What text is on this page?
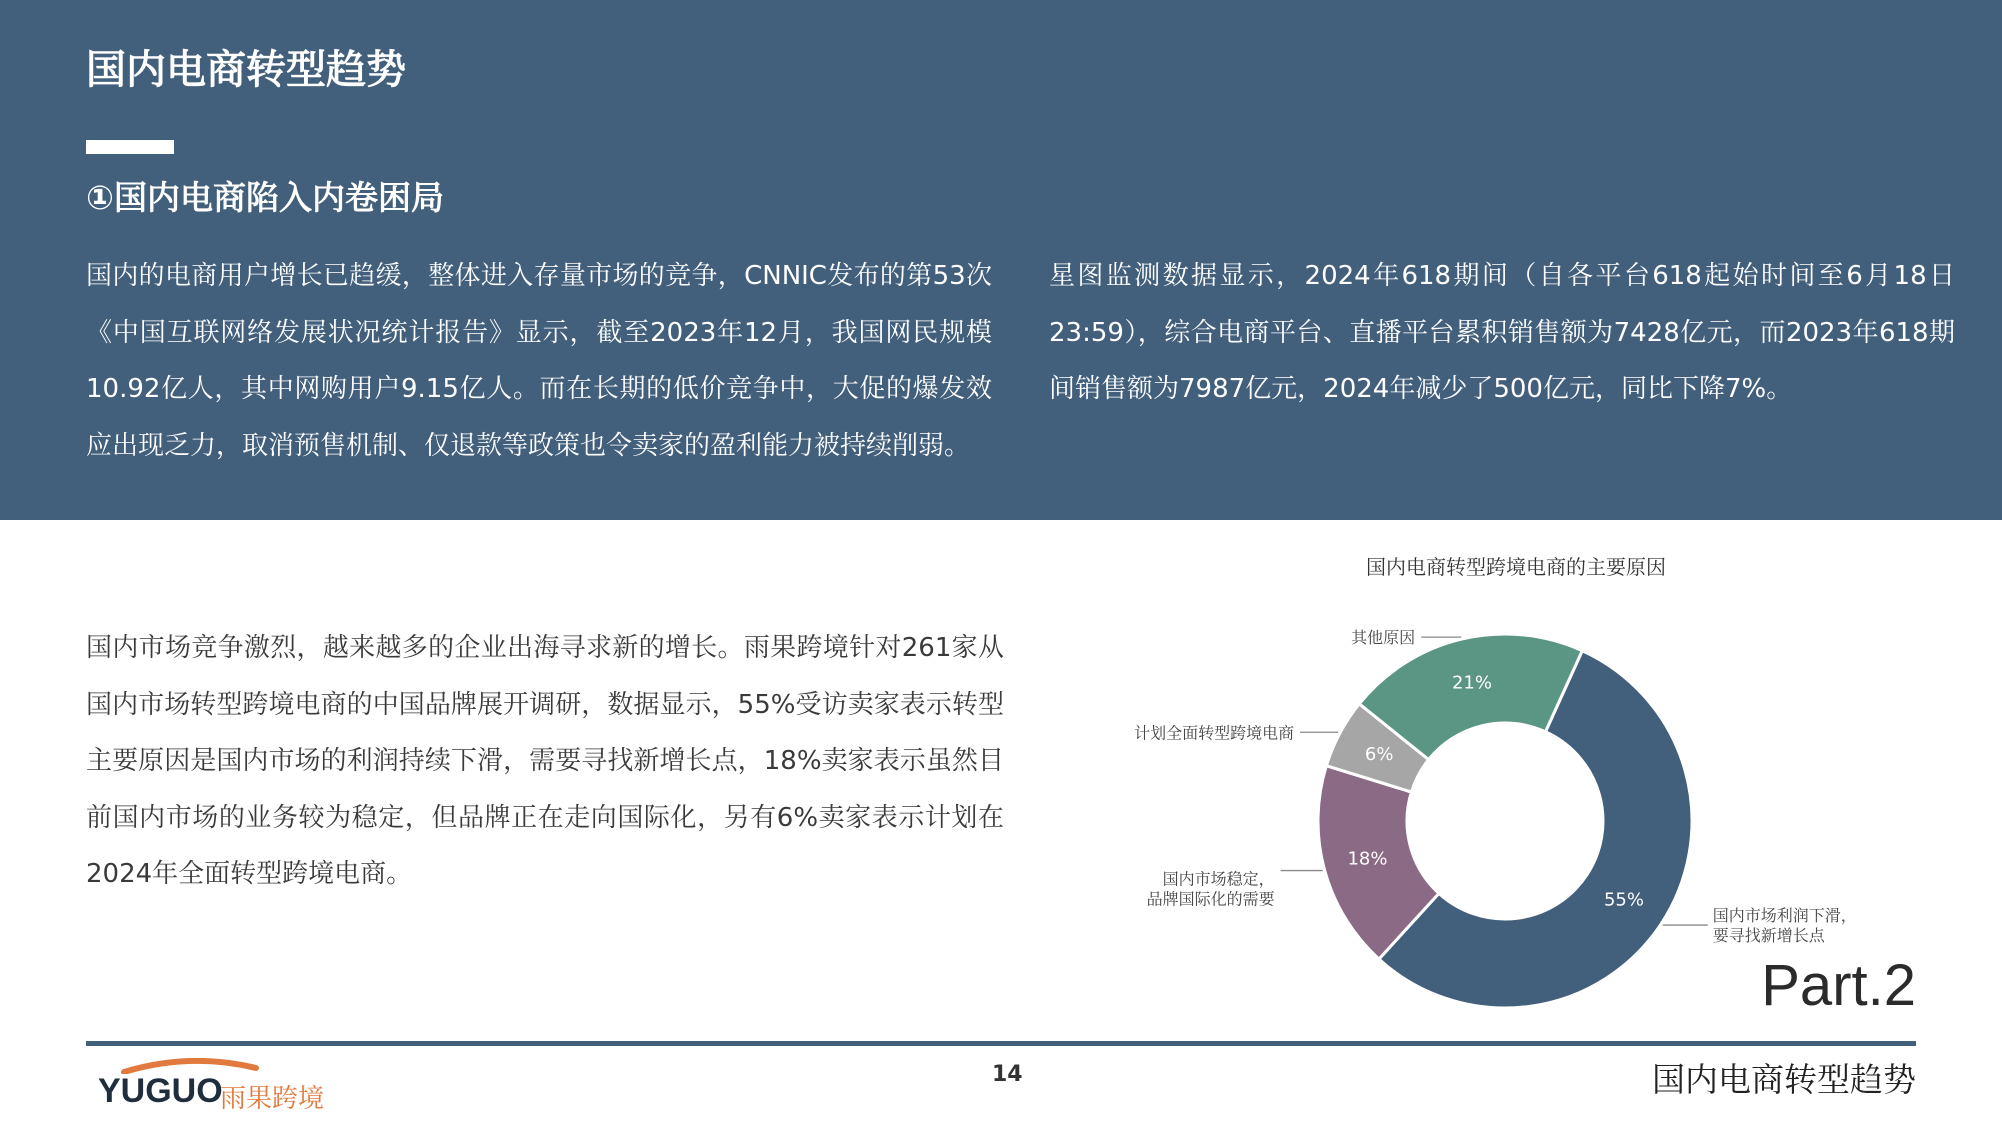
国内电商转型趋势
①国内电商陷入内卷困局

国内的电商用户增长已趋缓，整体进入存量市场的竞争，CNNIC发布的第53次《中国互联网络发展状况统计报告》显示，截至2023年12月，我国网民规模10.92亿人，其中网购用户9.15亿人。而在长期的低价竞争中，大促的爆发效应出现乏力，取消预售机制、仅退款等政策也令卖家的盈利能力被持续削弱。

星图监测数据显示，2024年618期间（自各平台618起始时间至6月18日23:59），综合电商平台、直播平台累积销售额为7428亿元，而2023年618期间销售额为7987亿元，2024年减少了500亿元，同比下降7%。

国内市场竞争激烈，越来越多的企业出海寻求新的增长。雨果跨境针对261家从国内市场转型跨境电商的中国品牌展开调研，数据显示，55%受访卖家表示转型主要原因是国内市场的利润持续下滑，需要寻找新增长点，18%卖家表示虽然目前国内市场的业务较为稳定，但品牌正在走向国际化，另有6%卖家表示计划在2024年全面转型跨境电商。

国内电商转型跨境电商的主要原因
55%
18%
6%
21%
国内市场利润下滑，
要寻找新增长点
国内市场稳定，
品牌国际化的需要
计划全面转型跨境电商
其他原因
Part.2
YUGUO
雨果跨境
14	国内电商转型趋势
